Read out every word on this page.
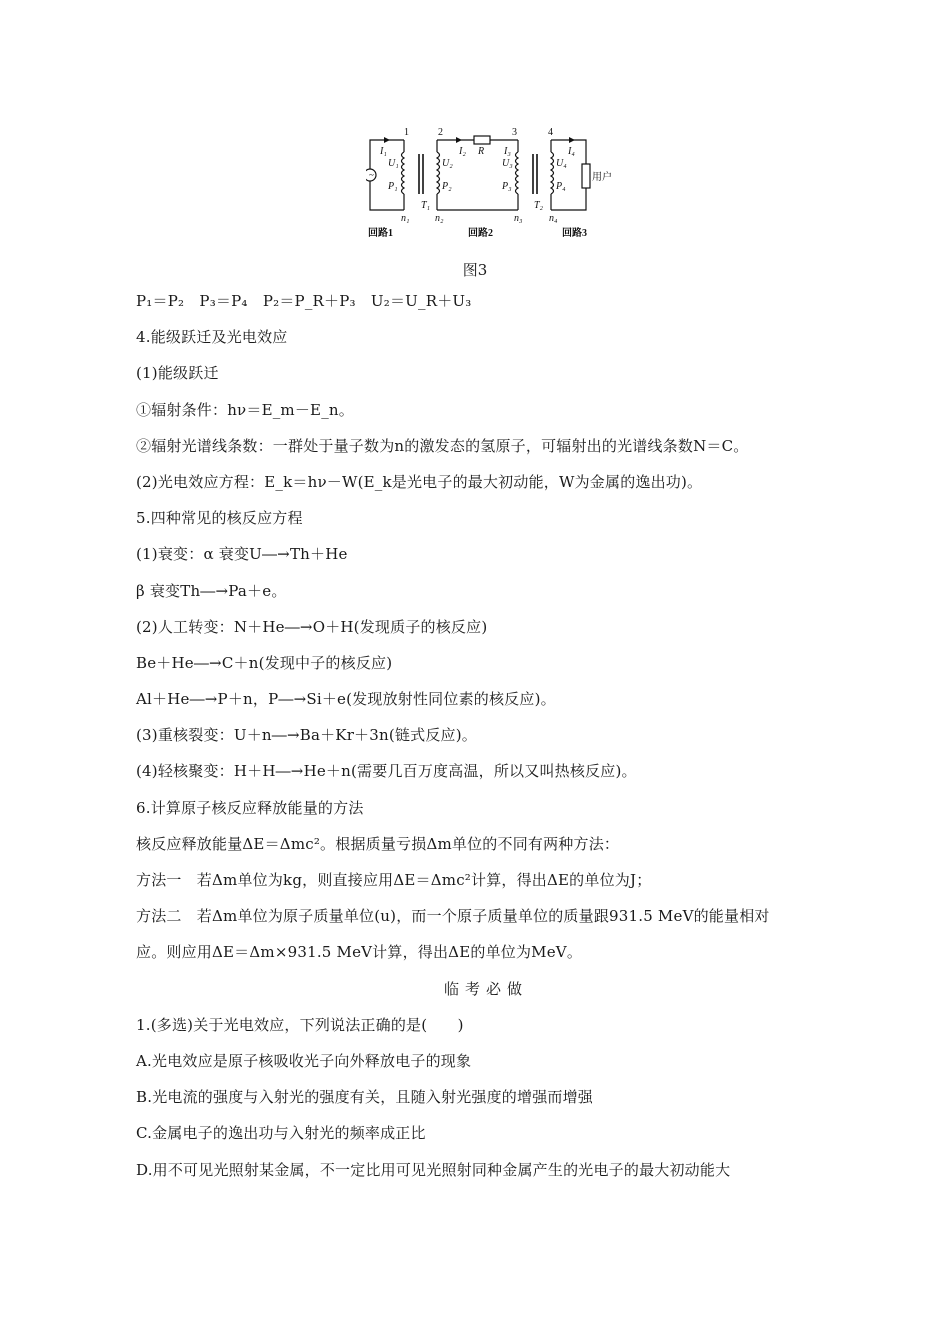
~
1	2	3	4
I₁	I₂	I₃	I₄
R
U₁	U₂	U₃	U₄
P₁	P₂	P₃	P₄
T₁	T₂
n₁	n₂	n₃	n₄
用户
回路1	回路2	回路3
图3
P₁＝P₂　P₃＝P₄　P₂＝P_R＋P₃　U₂＝U_R＋U₃
4.能级跃迁及光电效应
(1)能级跃迁
①辐射条件：hν＝E_m－E_n。
②辐射光谱线条数：一群处于量子数为n的激发态的氢原子，可辐射出的光谱线条数N＝C。
(2)光电效应方程：E_k＝hν－W(E_k是光电子的最大初动能，W为金属的逸出功)。
5.四种常见的核反应方程
(1)衰变：α 衰变U―→Th＋He
β 衰变Th―→Pa＋e。
(2)人工转变：N＋He―→O＋H(发现质子的核反应)
Be＋He―→C＋n(发现中子的核反应)
Al＋He―→P＋n，P―→Si＋e(发现放射性同位素的核反应)。
(3)重核裂变：U＋n―→Ba＋Kr＋3n(链式反应)。
(4)轻核聚变：H＋H―→He＋n(需要几百万度高温，所以又叫热核反应)。
6.计算原子核反应释放能量的方法
核反应释放能量ΔE＝Δmc²。根据质量亏损Δm单位的不同有两种方法：
方法一　若Δm单位为kg，则直接应用ΔE＝Δmc²计算，得出ΔE的单位为J；
方法二　若Δm单位为原子质量单位(u)，而一个原子质量单位的质量跟931.5 MeV的能量相对
应。则应用ΔE＝Δm×931.5 MeV计算，得出ΔE的单位为MeV。
临考必做
1.(多选)关于光电效应，下列说法正确的是(　　)
A.光电效应是原子核吸收光子向外释放电子的现象
B.光电流的强度与入射光的强度有关，且随入射光强度的增强而增强
C.金属电子的逸出功与入射光的频率成正比
D.用不可见光照射某金属，不一定比用可见光照射同种金属产生的光电子的最大初动能大
